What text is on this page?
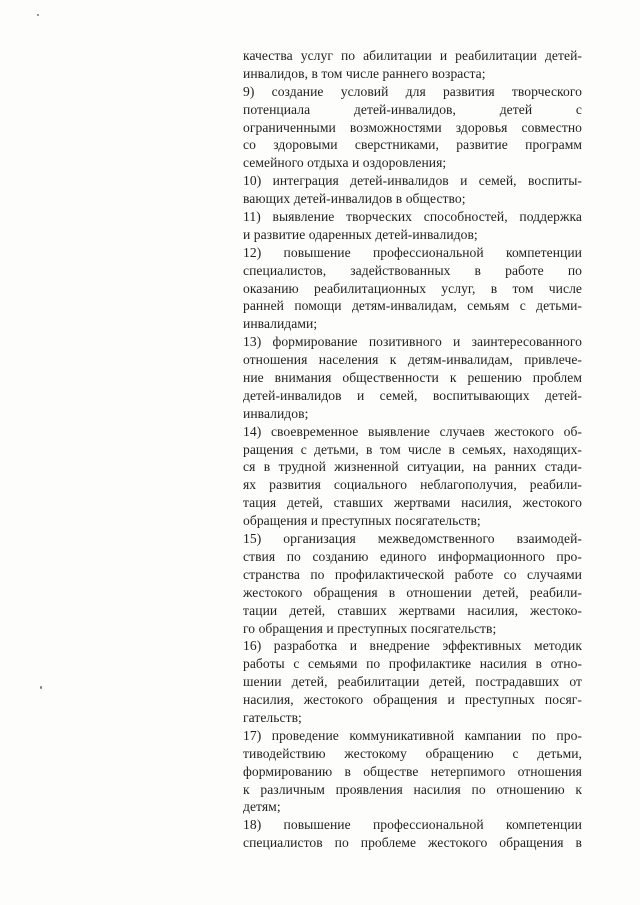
качества услуг по абилитации и реабилитации детей-
инвалидов, в том числе раннего возраста;
9) создание условий для развития творческого
потенциала детей-инвалидов, детей с
ограниченными возможностями здоровья совместно
со здоровыми сверстниками, развитие программ
семейного отдыха и оздоровления;
10) интеграция детей-инвалидов и семей, воспиты-
вающих детей-инвалидов в общество;
11) выявление творческих способностей, поддержка
и развитие одаренных детей-инвалидов;
12) повышение профессиональной компетенции
специалистов, задействованных в работе по
оказанию реабилитационных услуг, в том числе
ранней помощи детям-инвалидам, семьям с детьми-
инвалидами;
13) формирование позитивного и заинтересованного
отношения населения к детям-инвалидам, привлече-
ние внимания общественности к решению проблем
детей-инвалидов и семей, воспитывающих детей-
инвалидов;
14) своевременное выявление случаев жестокого об-
ращения с детьми, в том числе в семьях, находящих-
ся в трудной жизненной ситуации, на ранних стади-
ях развития социального неблагополучия, реабили-
тация детей, ставших жертвами насилия, жестокого
обращения и преступных посягательств;
15) организация межведомственного взаимодей-
ствия по созданию единого информационного про-
странства по профилактической работе со случаями
жестокого обращения в отношении детей, реабили-
тации детей, ставших жертвами насилия, жестоко-
го обращения и преступных посягательств;
16) разработка и внедрение эффективных методик
работы с семьями по профилактике насилия в отно-
шении детей, реабилитации детей, пострадавших от
насилия, жестокого обращения и преступных посяг-
гательств;
17) проведение коммуникативной кампании по про-
тиводействию жестокому обращению с детьми,
формированию в обществе нетерпимого отношения
к различным проявления насилия по отношению к
детям;
18) повышение профессиональной компетенции
специалистов по проблеме жестокого обращения в
